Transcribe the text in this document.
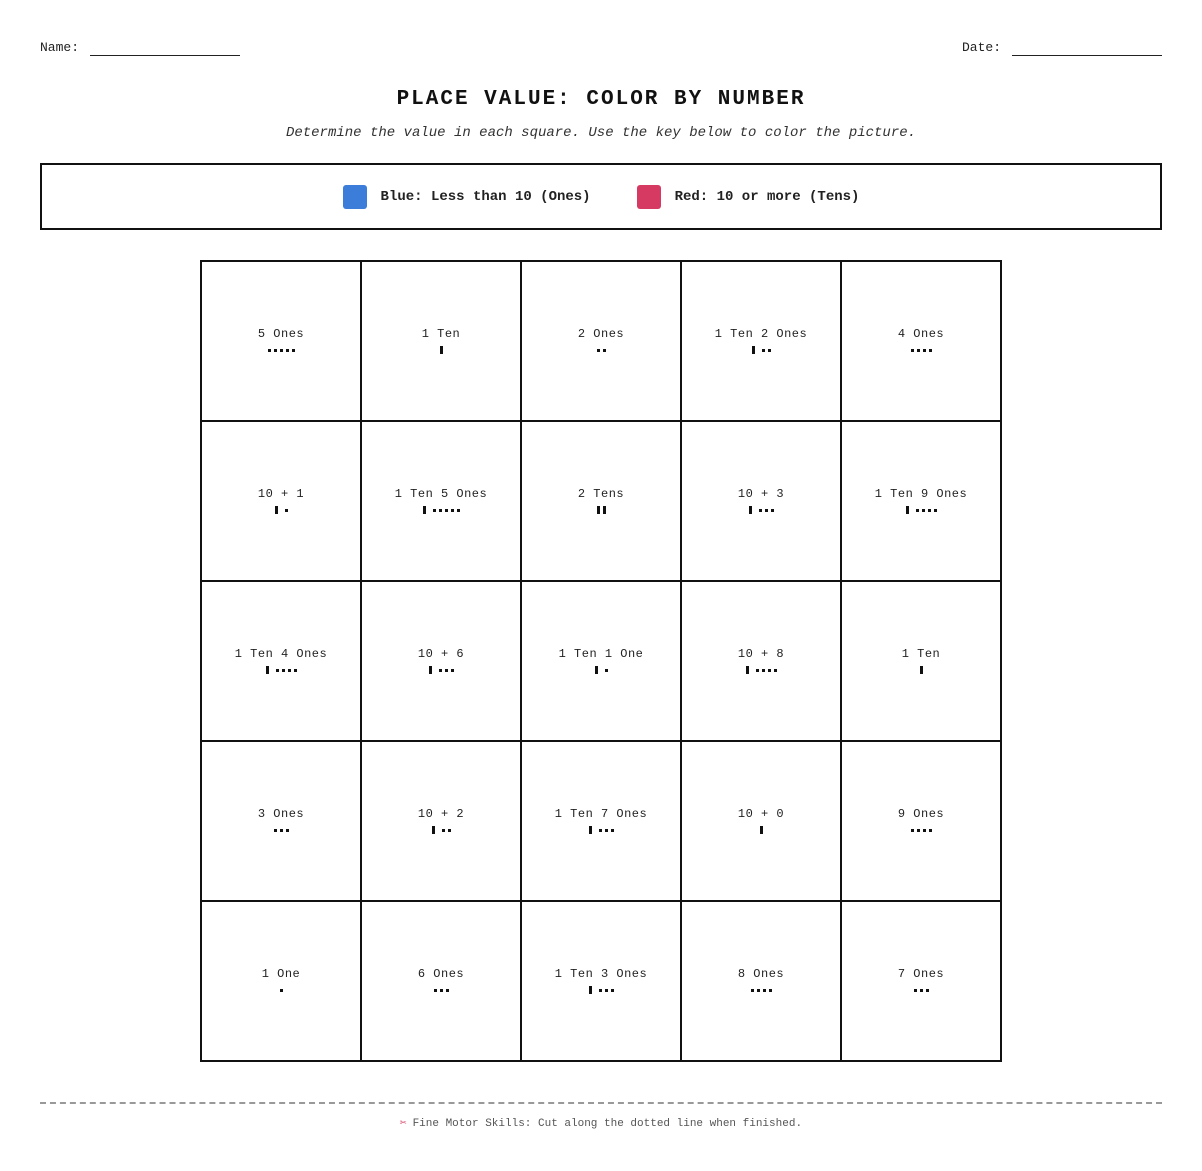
Name:	Date:
PLACE VALUE: COLOR BY NUMBER

Determine the value in each square. Use the key below to color the picture.

Blue: Less than 10 (Ones)	Red: 10 or more (Tens)
5 Ones	1 Ten	2 Ones	1 Ten 2 Ones	4 Ones
10 + 1	1 Ten 5 Ones	2 Tens	10 + 3	1 Ten 9 Ones
1 Ten 4 Ones	10 + 6	1 Ten 1 One	10 + 8	1 Ten
3 Ones	10 + 2	1 Ten 7 Ones	10 + 0	9 Ones
1 One	6 Ones	1 Ten 3 Ones	8 Ones	7 Ones
✂ Fine Motor Skills: Cut along the dotted line when finished.
